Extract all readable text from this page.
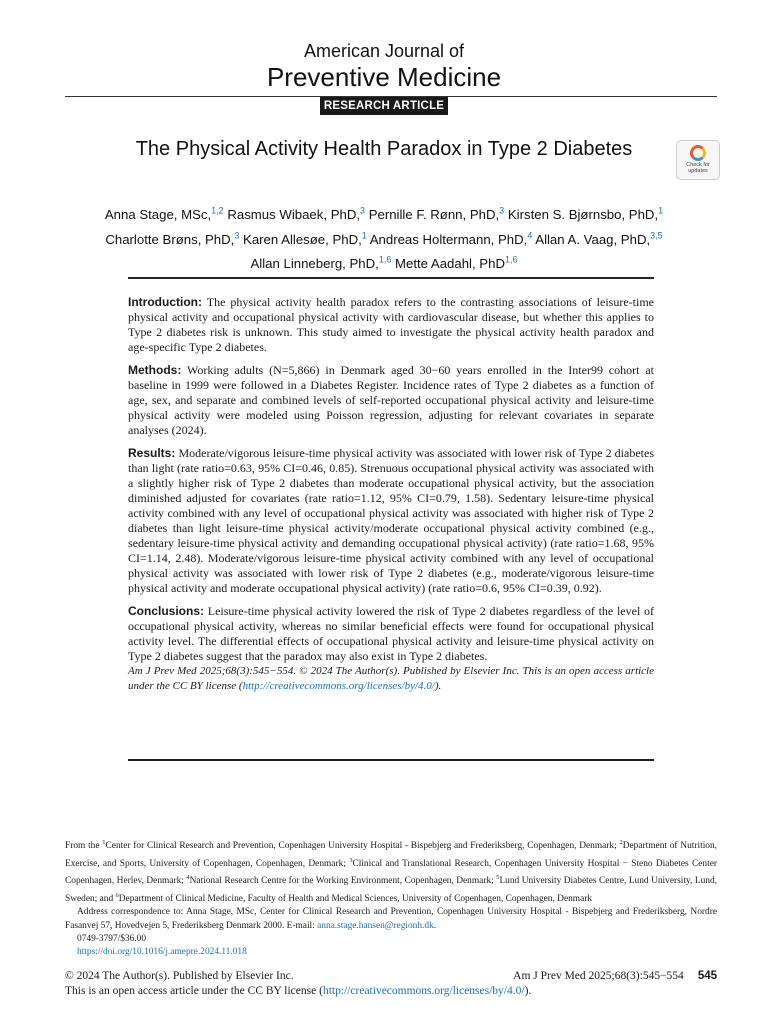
American Journal of
Preventive Medicine
RESEARCH ARTICLE
The Physical Activity Health Paradox in Type 2 Diabetes
Check for
updates
Anna Stage, MSc,$^{1,2}$ Rasmus Wibaek, PhD,$^3$ Pernille F. Rønn, PhD,$^3$ Kirsten S. Bjørnsbo, PhD,$^1$
Charlotte Brøns, PhD,$^3$ Karen Allesøe, PhD,$^1$ Andreas Holtermann, PhD,$^4$ Allan A. Vaag, PhD,$^{3,5}$
Allan Linneberg, PhD,$^{1,6}$ Mette Aadahl, PhD$^{1,6}$

Introduction: The physical activity health paradox refers to the contrasting associations of leisure-time physical activity and occupational physical activity with cardiovascular disease, but whether this applies to Type 2 diabetes risk is unknown. This study aimed to investigate the physical activity health paradox and age-specific Type 2 diabetes.

Methods: Working adults (N=5,866) in Denmark aged 30−60 years enrolled in the Inter99 cohort at baseline in 1999 were followed in a Diabetes Register. Incidence rates of Type 2 diabetes as a function of age, sex, and separate and combined levels of self-reported occupational physical activity and leisure-time physical activity were modeled using Poisson regression, adjusting for relevant covariates in separate analyses (2024).

Results: Moderate/vigorous leisure-time physical activity was associated with lower risk of Type 2 diabetes than light (rate ratio=0.63, 95% CI=0.46, 0.85). Strenuous occupational physical activity was associated with a slightly higher risk of Type 2 diabetes than moderate occupational physical activity, but the association diminished adjusted for covariates (rate ratio=1.12, 95% CI=0.79, 1.58). Sedentary leisure-time physical activity combined with any level of occupational physical activity was associated with higher risk of Type 2 diabetes than light leisure-time physical activity/moderate occupational physical activity combined (e.g., sedentary leisure-time physical activity and demanding occupational physical activity) (rate ratio=1.68, 95% CI=1.14, 2.48). Moderate/vigorous leisure-time physical activity combined with any level of occupational physical activity was associated with lower risk of Type 2 diabetes (e.g., moderate/vigorous leisure-time physical activity and moderate occupational physical activity) (rate ratio=0.6, 95% CI=0.39, 0.92).

Conclusions: Leisure-time physical activity lowered the risk of Type 2 diabetes regardless of the level of occupational physical activity, whereas no similar beneficial effects were found for occupational physical activity level. The differential effects of occupational physical activity and leisure-time physical activity on Type 2 diabetes suggest that the paradox may also exist in Type 2 diabetes.

Am J Prev Med 2025;68(3):545−554. © 2024 The Author(s). Published by Elsevier Inc. This is an open access article under the CC BY license (http://creativecommons.org/licenses/by/4.0/).

From the $^1$Center for Clinical Research and Prevention, Copenhagen University Hospital - Bispebjerg and Frederiksberg, Copenhagen, Denmark; $^2$Department of Nutrition, Exercise, and Sports, University of Copenhagen, Copenhagen, Denmark; $^3$Clinical and Translational Research, Copenhagen University Hospital − Steno Diabetes Center Copenhagen, Herlev, Denmark; $^4$National Research Centre for the Working Environment, Copenhagen, Denmark; $^5$Lund University Diabetes Centre, Lund University, Lund, Sweden; and $^6$Department of Clinical Medicine, Faculty of Health and Medical Sciences, University of Copenhagen, Copenhagen, Denmark

Address correspondence to: Anna Stage, MSc, Center for Clinical Research and Prevention, Copenhagen University Hospital - Bispebjerg and Frederiksberg, Nordre Fasanvej 57, Hovedvejen 5, Frederiksberg Denmark 2000. E-mail: anna.stage.hansen@regionh.dk.

0749-3797/$36.00

https://doi.org/10.1016/j.amepre.2024.11.018

© 2024 The Author(s). Published by Elsevier Inc.	Am J Prev Med 2025;68(3):545−554 545
This is an open access article under the CC BY license (http://creativecommons.org/licenses/by/4.0/).
